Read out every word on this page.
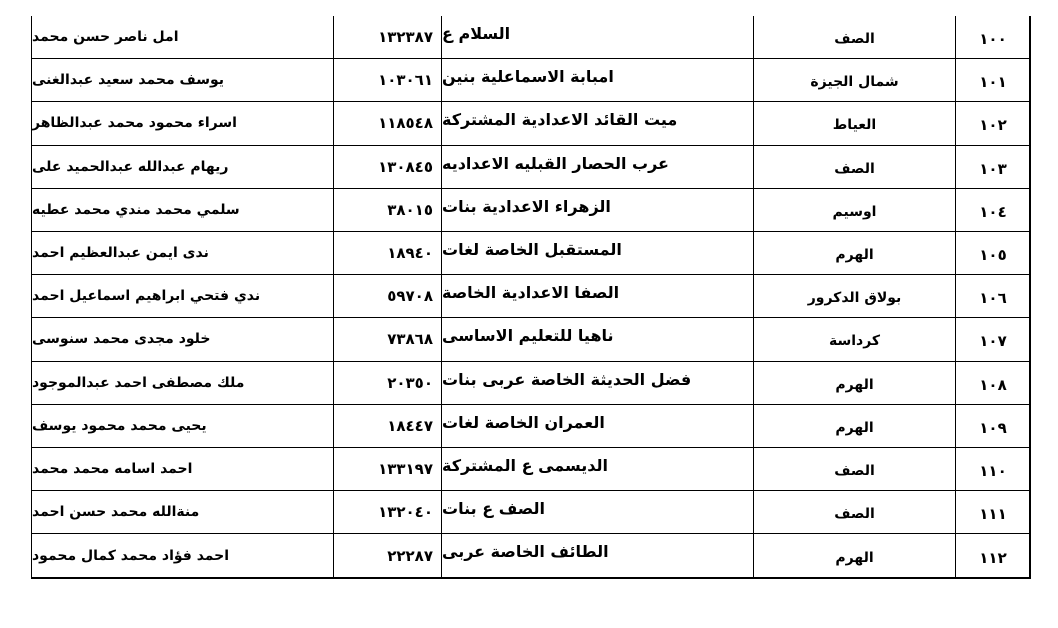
امل ناصر حسن محمد	١٣٢٣٨٧ السلام ع	الصف	١٠٠
يوسف محمد سعيد عبدالغنى	١٠٣٠٦١ امبابة الاسماعلية بنين	شمال الجيزة	١٠١
اسراء محمود محمد عبدالظاهر	١١٨٥٤٨ ميت القائد الاعدادية المشتركة	العياط	١٠٢
ريهام عبدالله عبدالحميد على	١٣٠٨٤٥ عرب الحصار القبليه الاعداديه	الصف	١٠٣
سلمي محمد مندي محمد عطيه	٣٨٠١٥ الزهراء الاعدادية بنات	اوسيم	١٠٤
ندى ايمن عبدالعظيم احمد	١٨٩٤٠ المستقبل الخاصة لغات	الهرم	١٠٥
ندي فتحي ابراهيم اسماعيل احمد	٥٩٧٠٨ الصفا الاعدادية الخاصة	بولاق الدكرور	١٠٦
خلود مجدى محمد سنوسى	٧٣٨٦٨ ناهيا للتعليم الاساسى	كرداسة	١٠٧
ملك مصطفى احمد عبدالموجود	٢٠٣٥٠ فضل الحديثة الخاصة عربى بنات	الهرم	١٠٨
يحيى محمد محمود يوسف	١٨٤٤٧ العمران الخاصة لغات	الهرم	١٠٩
احمد اسامه محمد محمد	١٣٣١٩٧ الديسمى ع المشتركة	الصف	١١٠
منةالله محمد حسن احمد	١٣٢٠٤٠ الصف ع بنات	الصف	١١١
احمد فؤاد محمد كمال محمود	٢٢٢٨٧ الطائف الخاصة عربى	الهرم	١١٢
